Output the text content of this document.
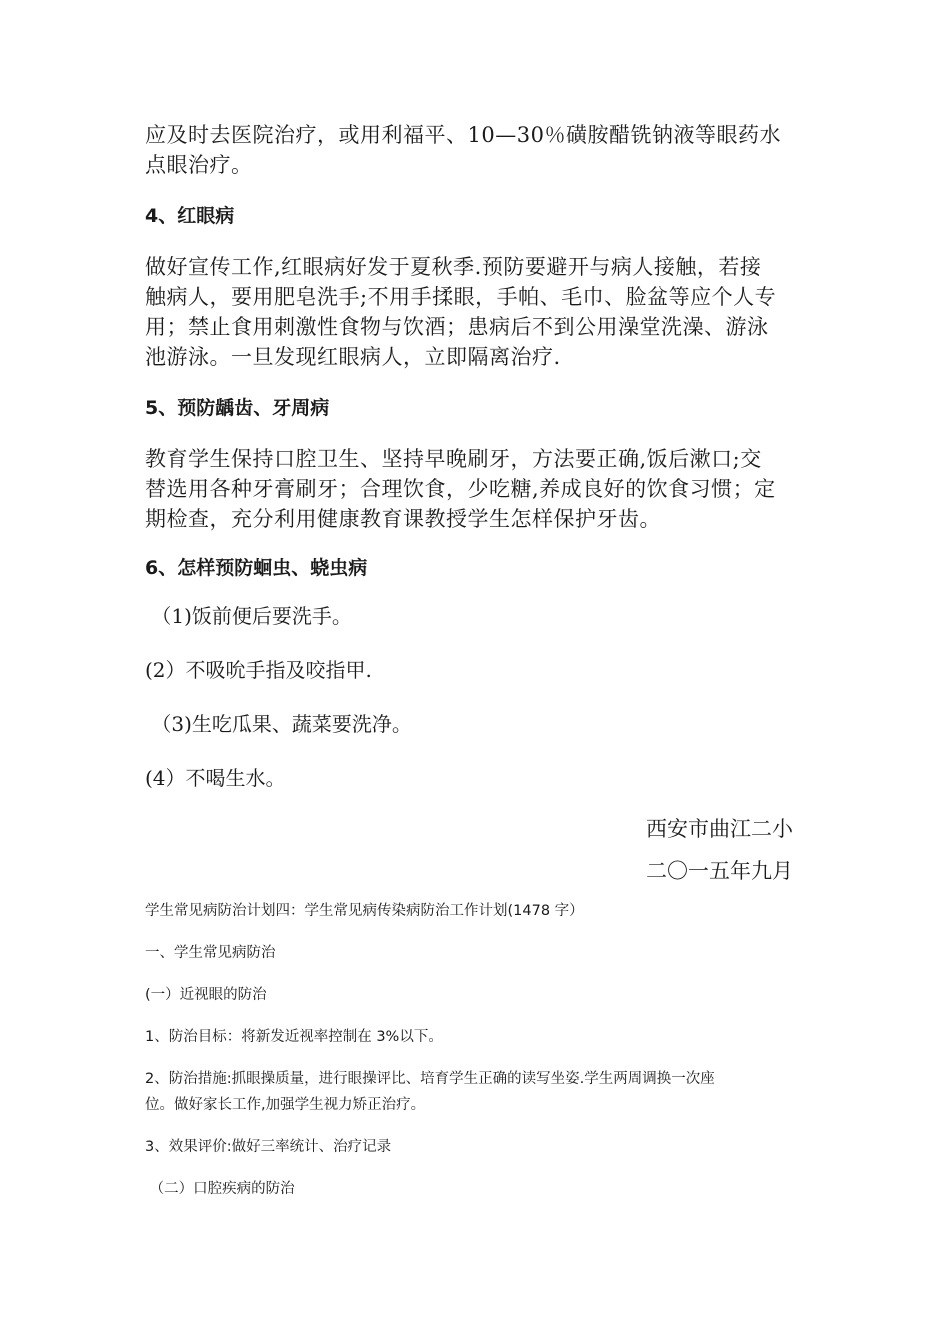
应及时去医院治疗，或用利福平、10—30％磺胺醋铣钠液等眼药水

点眼治疗。

4、红眼病

做好宣传工作,红眼病好发于夏秋季.预防要避开与病人接触，若接

触病人，要用肥皂洗手;不用手揉眼，手帕、毛巾、脸盆等应个人专

用；禁止食用刺激性食物与饮酒；患病后不到公用澡堂洗澡、游泳

池游泳。一旦发现红眼病人，立即隔离治疗.

5、预防龋齿、牙周病

教育学生保持口腔卫生、坚持早晚刷牙，方法要正确,饭后漱口;交

替选用各种牙膏刷牙；合理饮食，少吃糖,养成良好的饮食习惯；定

期检查，充分利用健康教育课教授学生怎样保护牙齿。

6、怎样预防蛔虫、蛲虫病

（1)饭前便后要洗手。

(2）不吸吮手指及咬指甲.

（3)生吃瓜果、蔬菜要洗净。

(4）不喝生水。

西安市曲江二小

二〇一五年九月

学生常见病防治计划四：学生常见病传染病防治工作计划(1478 字）

一、学生常见病防治

(一）近视眼的防治

1、防治目标：将新发近视率控制在 3%以下。

2、防治措施:抓眼操质量，进行眼操评比、培育学生正确的读写坐姿.学生两周调换一次座

位。做好家长工作,加强学生视力矫正治疗。

3、效果评价:做好三率统计、治疗记录

（二）口腔疾病的防治
